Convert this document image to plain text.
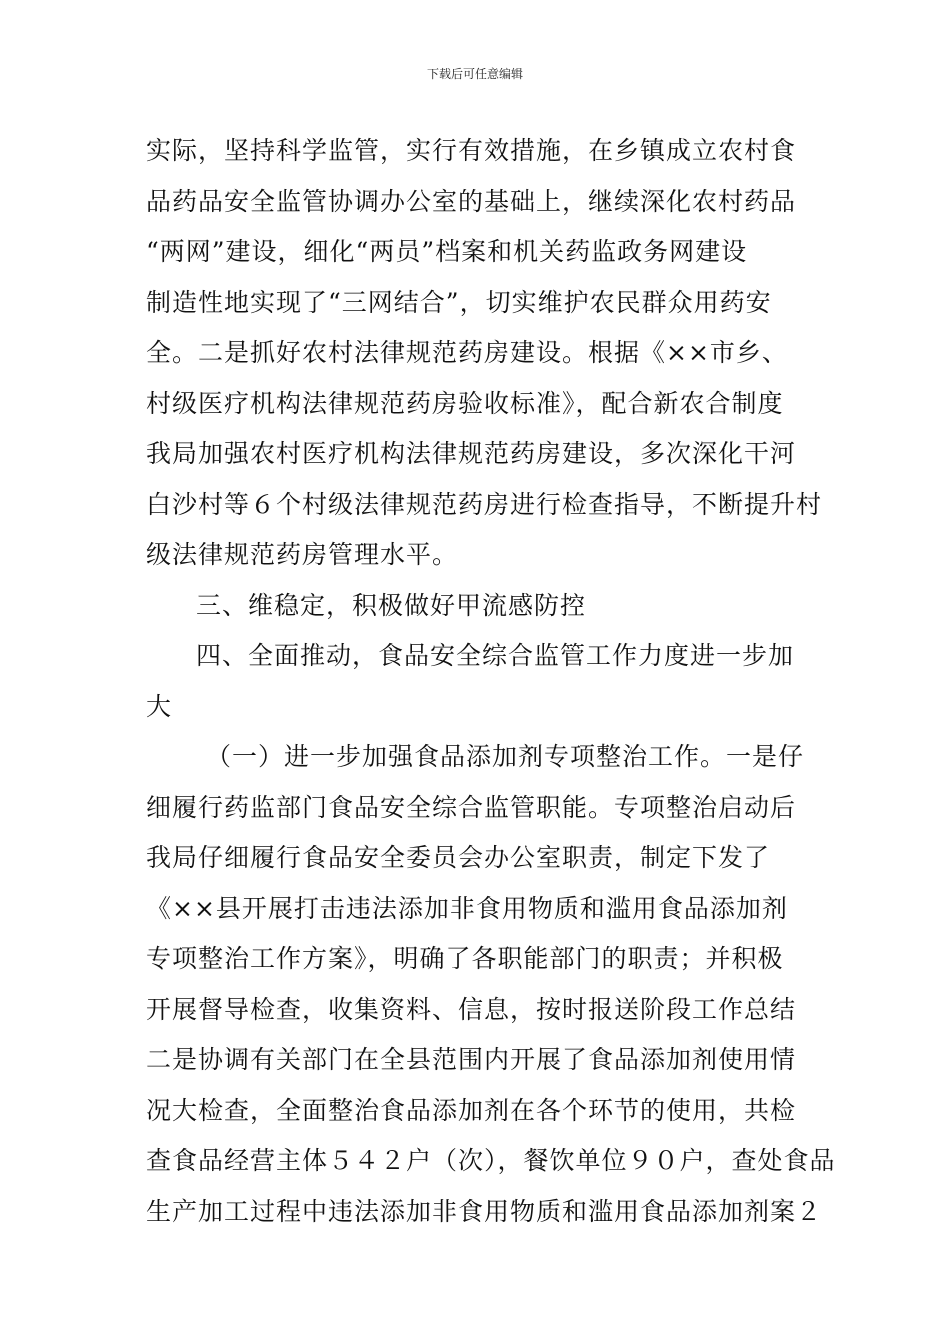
下载后可任意编辑
实际，坚持科学监管，实行有效措施，在乡镇成立农村食
品药品安全监管协调办公室的基础上，继续深化农村药品
“两网”建设，细化“两员”档案和机关药监政务网建设
制造性地实现了“三网结合”，切实维护农民群众用药安
全。二是抓好农村法律规范药房建设。根据《××市乡、
村级医疗机构法律规范药房验收标准》，配合新农合制度
我局加强农村医疗机构法律规范药房建设，多次深化干河
白沙村等６个村级法律规范药房进行检查指导，不断提升村
级法律规范药房管理水平。
三、维稳定，积极做好甲流感防控
四、全面推动，食品安全综合监管工作力度进一步加
大
（一）进一步加强食品添加剂专项整治工作。一是仔
细履行药监部门食品安全综合监管职能。专项整治启动后
我局仔细履行食品安全委员会办公室职责，制定下发了
《××县开展打击违法添加非食用物质和滥用食品添加剂
专项整治工作方案》，明确了各职能部门的职责；并积极
开展督导检查，收集资料、信息，按时报送阶段工作总结
二是协调有关部门在全县范围内开展了食品添加剂使用情
况大检查，全面整治食品添加剂在各个环节的使用，共检
查食品经营主体５４２户（次），餐饮单位９０户，查处食品
生产加工过程中违法添加非食用物质和滥用食品添加剂案２
